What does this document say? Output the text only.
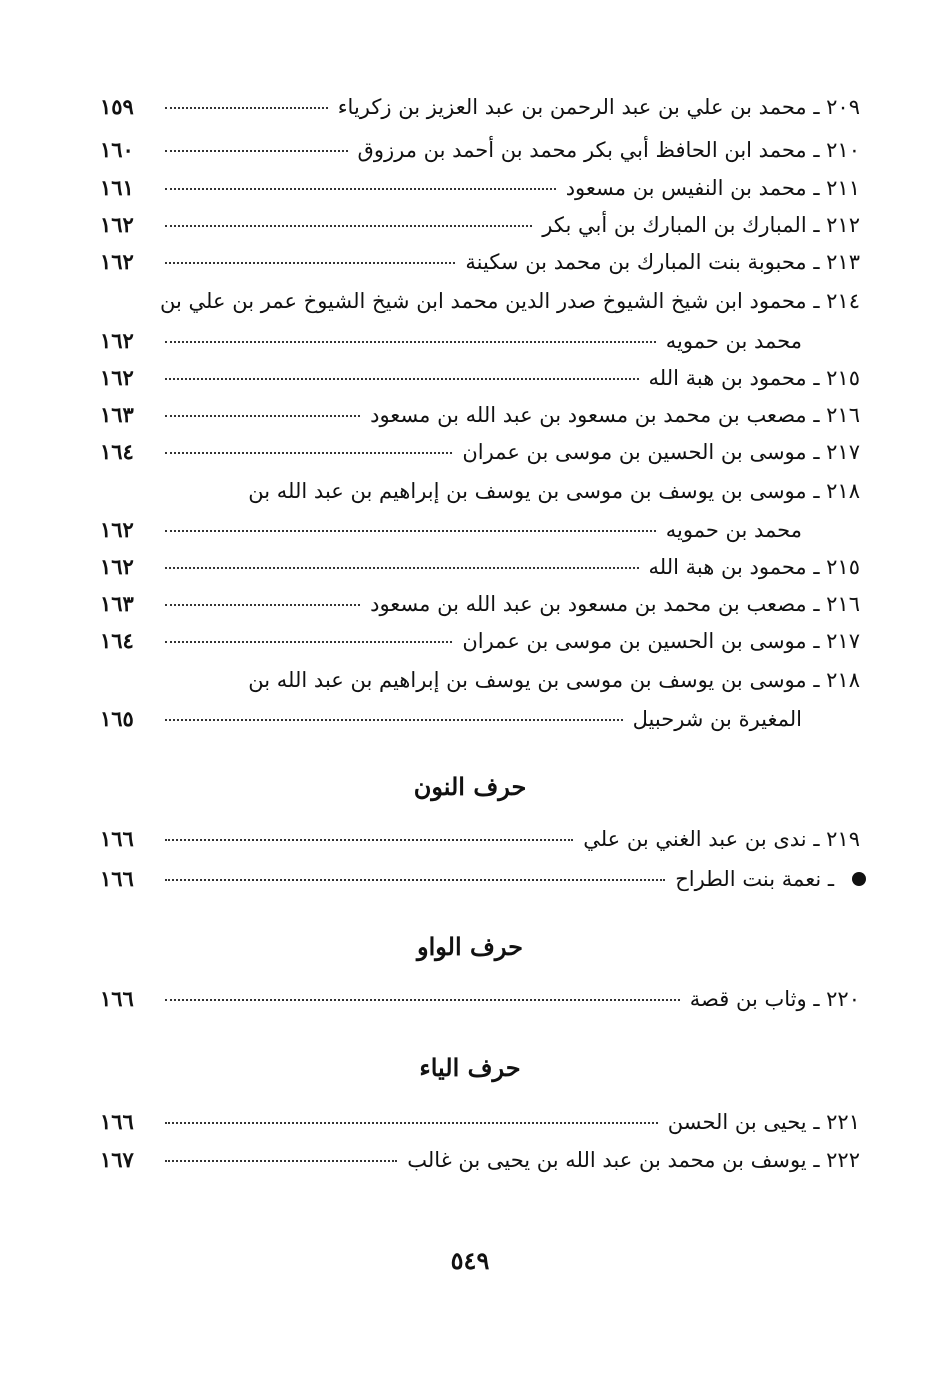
٢٠٩ ـ محمد بن علي بن عبد الرحمن بن عبد العزيز بن زكرياء
١٥٩
٢١٠ ـ محمد ابن الحافظ أبي بكر محمد بن أحمد بن مرزوق
١٦٠
٢١١ ـ محمد بن النفيس بن مسعود
١٦١
٢١٢ ـ المبارك بن المبارك بن أبي بكر
١٦٢
٢١٣ ـ محبوبة بنت المبارك بن محمد بن سكينة
١٦٢
٢١٤ ـ محمود ابن شيخ الشيوخ صدر الدين محمد ابن شيخ الشيوخ عمر بن علي بن
محمد بن حمويه
١٦٢
٢١٥ ـ محمود بن هبة الله
١٦٢
٢١٦ ـ مصعب بن محمد بن مسعود بن عبد الله بن مسعود
١٦٣
٢١٧ ـ موسى بن الحسين بن موسى بن عمران
١٦٤
٢١٨ ـ موسى بن يوسف بن موسى بن يوسف بن إبراهيم بن عبد الله بن
محمد بن حمويه
١٦٢
٢١٥ ـ محمود بن هبة الله
١٦٢
٢١٦ ـ مصعب بن محمد بن مسعود بن عبد الله بن مسعود
١٦٣
٢١٧ ـ موسى بن الحسين بن موسى بن عمران
١٦٤
٢١٨ ـ موسى بن يوسف بن موسى بن يوسف بن إبراهيم بن عبد الله بن
المغيرة بن شرحبيل
١٦٥
حرف النون
٢١٩ ـ ندى بن عبد الغني بن علي
١٦٦
ـ نعمة بنت الطراح
١٦٦
حرف الواو
٢٢٠ ـ وثاب بن قصة
١٦٦
حرف الياء
٢٢١ ـ يحيى بن الحسن
١٦٦
٢٢٢ ـ يوسف بن محمد بن عبد الله بن يحيى بن غالب
١٦٧
٥٤٩
